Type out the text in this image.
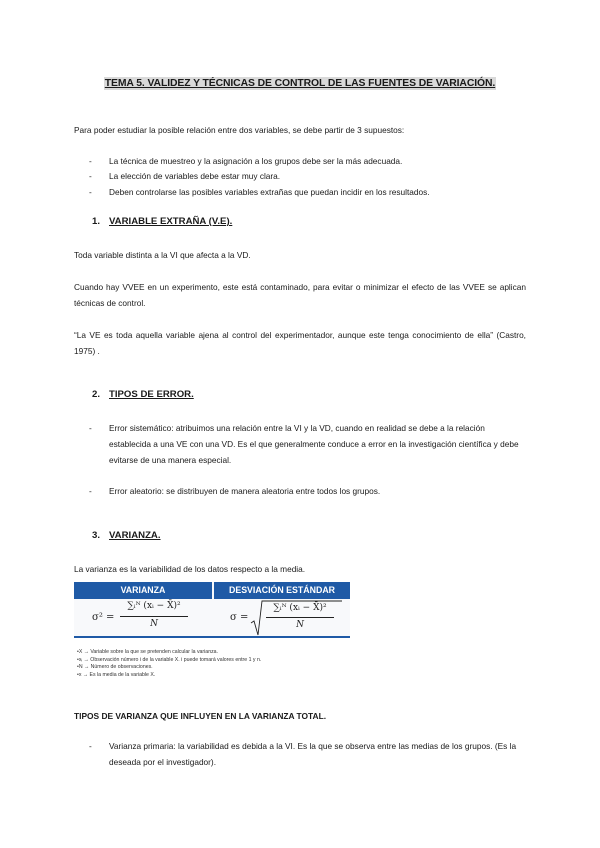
TEMA 5. VALIDEZ Y TÉCNICAS DE CONTROL DE LAS FUENTES DE VARIACIÓN.
Para poder estudiar la posible relación entre dos variables, se debe partir de 3 supuestos:
- La técnica de muestreo y la asignación a los grupos debe ser la más adecuada.
- La elección de variables debe estar muy clara.
- Deben controlarse las posibles variables extrañas que puedan incidir en los resultados.
1. VARIABLE EXTRAÑA (V.E).
Toda variable distinta a la VI que afecta a la VD.
Cuando hay VVEE en un experimento, este está contaminado, para evitar o minimizar el efecto de las VVEE se aplican técnicas de control.
“La VE es toda aquella variable ajena al control del experimentador, aunque este tenga conocimiento de ella” (Castro, 1975) .
2. TIPOS DE ERROR.
- Error sistemático: atribuimos una relación entre la VI y la VD, cuando en realidad se debe a la relación establecida a una VE con una VD. Es el que generalmente conduce a error en la investigación científica y debe evitarse de una manera especial.
- Error aleatorio: se distribuyen de manera aleatoria entre todos los grupos.
3. VARIANZA.
La varianza es la variabilidad de los datos respecto a la media.
VARIANZA	DESVIACIÓN ESTÁNDAR
σ² =
∑ᵢᴺ (xᵢ − X̄)²
N
σ =
∑ᵢᴺ (xᵢ − X̄)²
N
•X → Variable sobre la que se pretenden calcular la varianza.
•xᵢ → Observación número i de la variable X. i puede tomará valores entre 1 y n.
•N → Número de observaciones.
•x → Es la media de la variable X.
TIPOS DE VARIANZA QUE INFLUYEN EN LA VARIANZA TOTAL.
- Varianza primaria: la variabilidad es debida a la VI. Es la que se observa entre las medias de los grupos. (Es la deseada por el investigador).
